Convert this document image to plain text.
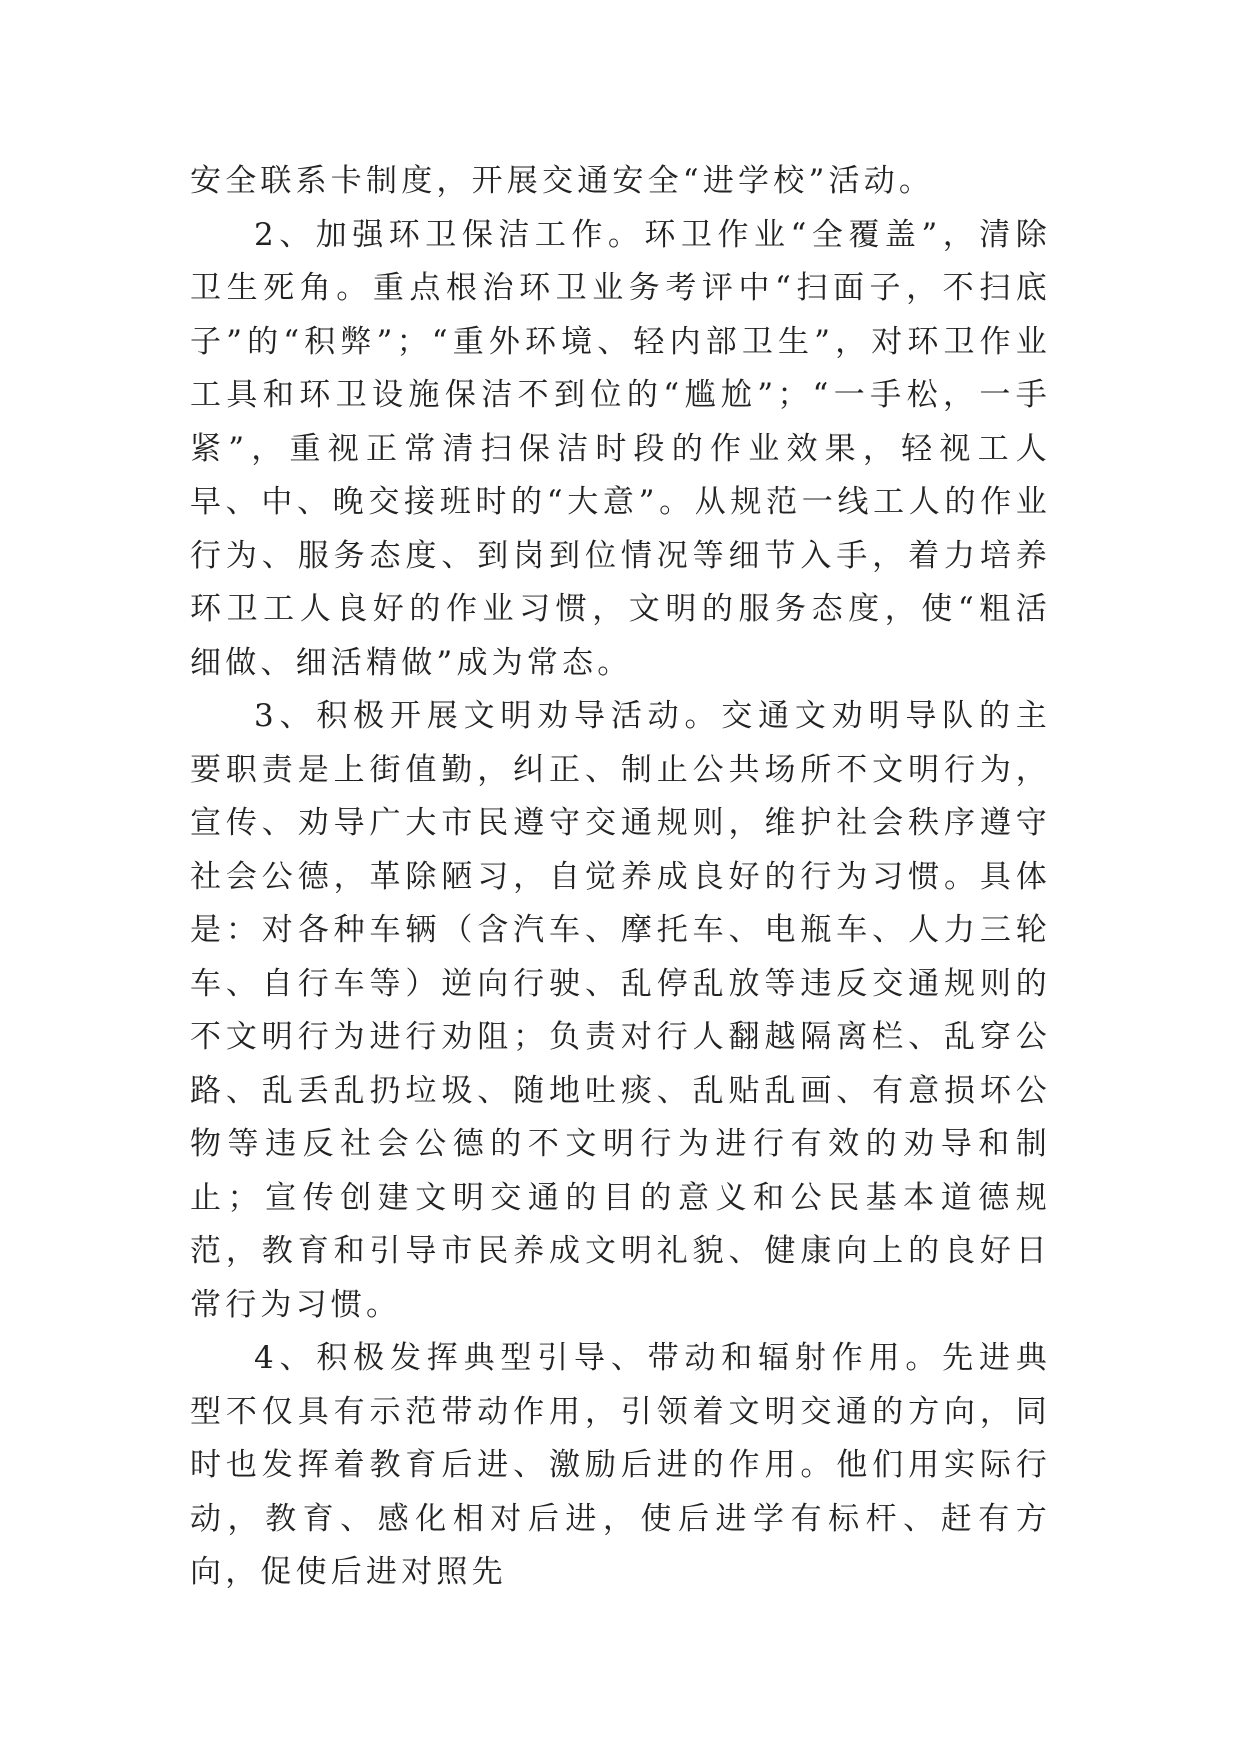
安全联系卡制度，开展交通安全“进学校”活动。

2、加强环卫保洁工作。环卫作业“全覆盖”，清除卫生死角。重点根治环卫业务考评中“扫面子，不扫底子”的“积弊”；“重外环境、轻内部卫生”，对环卫作业工具和环卫设施保洁不到位的“尴尬”；“一手松，一手紧”，重视正常清扫保洁时段的作业效果，轻视工人早、中、晚交接班时的“大意”。从规范一线工人的作业行为、服务态度、到岗到位情况等细节入手，着力培养环卫工人良好的作业习惯，文明的服务态度，使“粗活细做、细活精做”成为常态。

3、积极开展文明劝导活动。交通文劝明导队的主要职责是上街值勤，纠正、制止公共场所不文明行为，宣传、劝导广大市民遵守交通规则，维护社会秩序遵守社会公德，革除陋习，自觉养成良好的行为习惯。具体是：对各种车辆（含汽车、摩托车、电瓶车、人力三轮车、自行车等）逆向行驶、乱停乱放等违反交通规则的不文明行为进行劝阻；负责对行人翻越隔离栏、乱穿公路、乱丢乱扔垃圾、随地吐痰、乱贴乱画、有意损坏公物等违反社会公德的不文明行为进行有效的劝导和制止；宣传创建文明交通的目的意义和公民基本道德规范，教育和引导市民养成文明礼貌、健康向上的良好日常行为习惯。

4、积极发挥典型引导、带动和辐射作用。先进典型不仅具有示范带动作用，引领着文明交通的方向，同时也发挥着教育后进、激励后进的作用。他们用实际行动，教育、感化相对后进，使后进学有标杆、赶有方向，促使后进对照先
